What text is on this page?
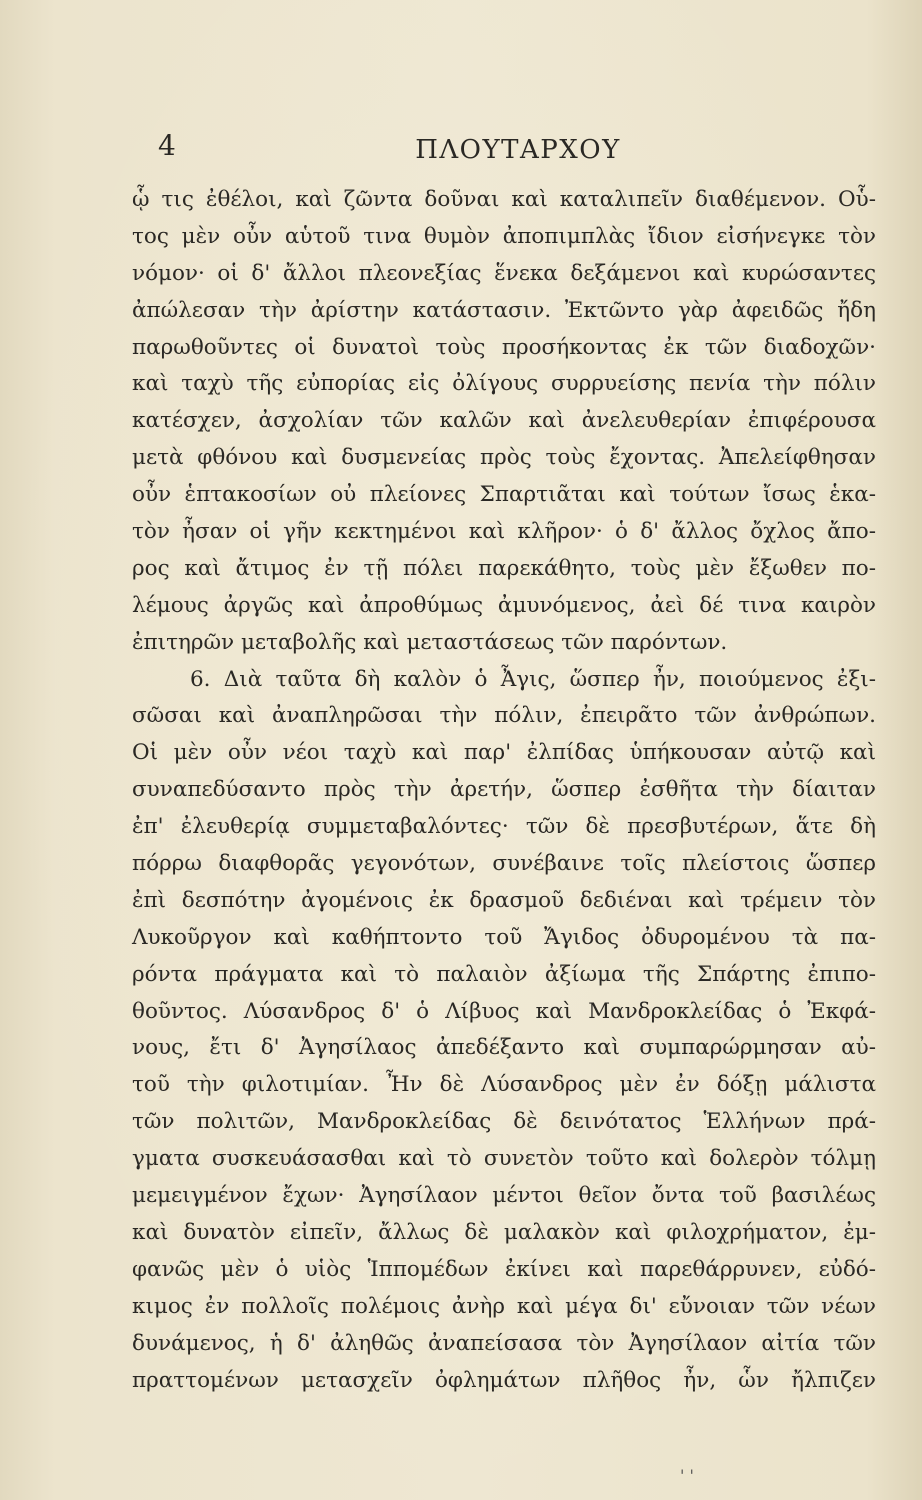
4	ΠΛΟΥΤΑΡΧΟΥ
ᾧ τις ἐθέλοι, καὶ ζῶντα δοῦναι καὶ καταλιπεῖν διαθέμενον. Οὗ-
τος μὲν οὖν αὑτοῦ τινα θυμὸν ἀποπιμπλὰς ἴδιον εἰσήνεγκε τὸν
νόμον· οἱ δ' ἄλλοι πλεονεξίας ἕνεκα δεξάμενοι καὶ κυρώσαντες
ἀπώλεσαν τὴν ἀρίστην κατάστασιν. Ἐκτῶντο γὰρ ἀφειδῶς ἤδη
παρωθοῦντες οἱ δυνατοὶ τοὺς προσήκοντας ἐκ τῶν διαδοχῶν·
καὶ ταχὺ τῆς εὐπορίας εἰς ὀλίγους συρρυείσης πενία τὴν πόλιν
κατέσχεν, ἀσχολίαν τῶν καλῶν καὶ ἀνελευθερίαν ἐπιφέρουσα
μετὰ φθόνου καὶ δυσμενείας πρὸς τοὺς ἔχοντας. Ἀπελείφθησαν
οὖν ἑπτακοσίων οὐ πλείονες Σπαρτιᾶται καὶ τούτων ἴσως ἑκα-
τὸν ἦσαν οἱ γῆν κεκτημένοι καὶ κλῆρον· ὁ δ' ἄλλος ὄχλος ἄπο-
ρος καὶ ἄτιμος ἐν τῇ πόλει παρεκάθητο, τοὺς μὲν ἔξωθεν πο-
λέμους ἀργῶς καὶ ἀπροθύμως ἀμυνόμενος, ἀεὶ δέ τινα καιρὸν
ἐπιτηρῶν μεταβολῆς καὶ μεταστάσεως τῶν παρόντων.
6. Διὰ ταῦτα δὴ καλὸν ὁ Ἆγις, ὥσπερ ἦν, ποιούμενος ἐξι-
σῶσαι καὶ ἀναπληρῶσαι τὴν πόλιν, ἐπειρᾶτο τῶν ἀνθρώπων.
Οἱ μὲν οὖν νέοι ταχὺ καὶ παρ' ἐλπίδας ὑπήκουσαν αὐτῷ καὶ
συναπεδύσαντο πρὸς τὴν ἀρετήν, ὥσπερ ἐσθῆτα τὴν δίαιταν
ἐπ' ἐλευθερίᾳ συμμεταβαλόντες· τῶν δὲ πρεσβυτέρων, ἅτε δὴ
πόρρω διαφθορᾶς γεγονότων, συνέβαινε τοῖς πλείστοις ὥσπερ
ἐπὶ δεσπότην ἀγομένοις ἐκ δρασμοῦ δεδιέναι καὶ τρέμειν τὸν
Λυκοῦργον καὶ καθήπτοντο τοῦ Ἄγιδος ὀδυρομένου τὰ πα-
ρόντα πράγματα καὶ τὸ παλαιὸν ἀξίωμα τῆς Σπάρτης ἐπιπο-
θοῦντος. Λύσανδρος δ' ὁ Λίβυος καὶ Μανδροκλείδας ὁ Ἐκφά-
νους, ἔτι δ' Ἀγησίλαος ἀπεδέξαντο καὶ συμπαρώρμησαν αὐ-
τοῦ τὴν φιλοτιμίαν. Ἦν δὲ Λύσανδρος μὲν ἐν δόξῃ μάλιστα
τῶν πολιτῶν, Μανδροκλείδας δὲ δεινότατος Ἑλλήνων πρά-
γματα συσκευάσασθαι καὶ τὸ συνετὸν τοῦτο καὶ δολερὸν τόλμῃ
μεμειγμένον ἔχων· Ἀγησίλαον μέντοι θεῖον ὄντα τοῦ βασιλέως
καὶ δυνατὸν εἰπεῖν, ἄλλως δὲ μαλακὸν καὶ φιλοχρήματον, ἐμ-
φανῶς μὲν ὁ υἱὸς Ἱππομέδων ἐκίνει καὶ παρεθάρρυνεν, εὐδό-
κιμος ἐν πολλοῖς πολέμοις ἀνὴρ καὶ μέγα δι' εὔνοιαν τῶν νέων
δυνάμενος, ἡ δ' ἀληθῶς ἀναπείσασα τὸν Ἀγησίλαον αἰτία τῶν
πραττομένων μετασχεῖν ὀφλημάτων πλῆθος ἦν, ὧν ἤλπιζεν
' '
